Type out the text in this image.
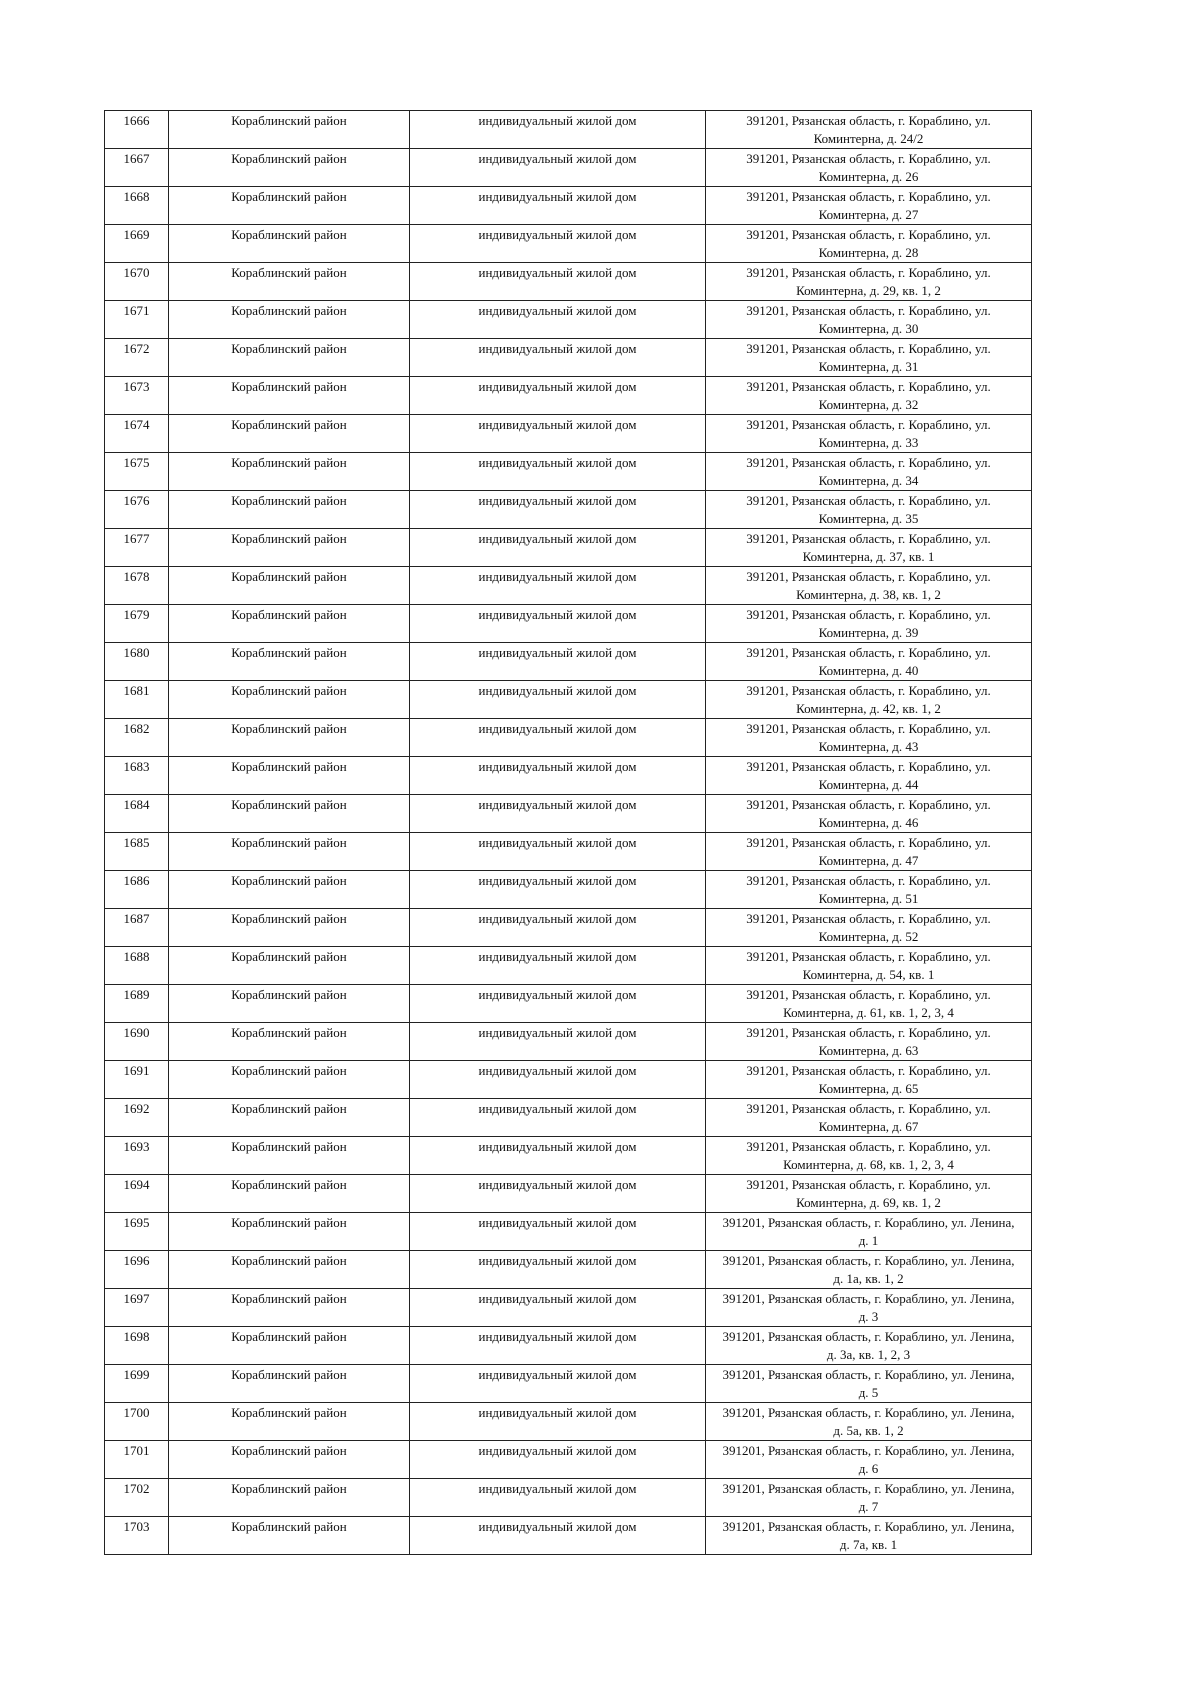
1666	Кораблинский район	индивидуальный жилой дом	391201, Рязанская область, г. Кораблино, ул. Коминтерна, д. 24/2
1667	Кораблинский район	индивидуальный жилой дом	391201, Рязанская область, г. Кораблино, ул. Коминтерна, д. 26
1668	Кораблинский район	индивидуальный жилой дом	391201, Рязанская область, г. Кораблино, ул. Коминтерна, д. 27
1669	Кораблинский район	индивидуальный жилой дом	391201, Рязанская область, г. Кораблино, ул. Коминтерна, д. 28
1670	Кораблинский район	индивидуальный жилой дом	391201, Рязанская область, г. Кораблино, ул. Коминтерна, д. 29, кв. 1, 2
1671	Кораблинский район	индивидуальный жилой дом	391201, Рязанская область, г. Кораблино, ул. Коминтерна, д. 30
1672	Кораблинский район	индивидуальный жилой дом	391201, Рязанская область, г. Кораблино, ул. Коминтерна, д. 31
1673	Кораблинский район	индивидуальный жилой дом	391201, Рязанская область, г. Кораблино, ул. Коминтерна, д. 32
1674	Кораблинский район	индивидуальный жилой дом	391201, Рязанская область, г. Кораблино, ул. Коминтерна, д. 33
1675	Кораблинский район	индивидуальный жилой дом	391201, Рязанская область, г. Кораблино, ул. Коминтерна, д. 34
1676	Кораблинский район	индивидуальный жилой дом	391201, Рязанская область, г. Кораблино, ул. Коминтерна, д. 35
1677	Кораблинский район	индивидуальный жилой дом	391201, Рязанская область, г. Кораблино, ул. Коминтерна, д. 37, кв. 1
1678	Кораблинский район	индивидуальный жилой дом	391201, Рязанская область, г. Кораблино, ул. Коминтерна, д. 38, кв. 1, 2
1679	Кораблинский район	индивидуальный жилой дом	391201, Рязанская область, г. Кораблино, ул. Коминтерна, д. 39
1680	Кораблинский район	индивидуальный жилой дом	391201, Рязанская область, г. Кораблино, ул. Коминтерна, д. 40
1681	Кораблинский район	индивидуальный жилой дом	391201, Рязанская область, г. Кораблино, ул. Коминтерна, д. 42, кв. 1, 2
1682	Кораблинский район	индивидуальный жилой дом	391201, Рязанская область, г. Кораблино, ул. Коминтерна, д. 43
1683	Кораблинский район	индивидуальный жилой дом	391201, Рязанская область, г. Кораблино, ул. Коминтерна, д. 44
1684	Кораблинский район	индивидуальный жилой дом	391201, Рязанская область, г. Кораблино, ул. Коминтерна, д. 46
1685	Кораблинский район	индивидуальный жилой дом	391201, Рязанская область, г. Кораблино, ул. Коминтерна, д. 47
1686	Кораблинский район	индивидуальный жилой дом	391201, Рязанская область, г. Кораблино, ул. Коминтерна, д. 51
1687	Кораблинский район	индивидуальный жилой дом	391201, Рязанская область, г. Кораблино, ул. Коминтерна, д. 52
1688	Кораблинский район	индивидуальный жилой дом	391201, Рязанская область, г. Кораблино, ул. Коминтерна, д. 54, кв. 1
1689	Кораблинский район	индивидуальный жилой дом	391201, Рязанская область, г. Кораблино, ул. Коминтерна, д. 61, кв. 1, 2, 3, 4
1690	Кораблинский район	индивидуальный жилой дом	391201, Рязанская область, г. Кораблино, ул. Коминтерна, д. 63
1691	Кораблинский район	индивидуальный жилой дом	391201, Рязанская область, г. Кораблино, ул. Коминтерна, д. 65
1692	Кораблинский район	индивидуальный жилой дом	391201, Рязанская область, г. Кораблино, ул. Коминтерна, д. 67
1693	Кораблинский район	индивидуальный жилой дом	391201, Рязанская область, г. Кораблино, ул. Коминтерна, д. 68, кв. 1, 2, 3, 4
1694	Кораблинский район	индивидуальный жилой дом	391201, Рязанская область, г. Кораблино, ул. Коминтерна, д. 69, кв. 1, 2
1695	Кораблинский район	индивидуальный жилой дом	391201, Рязанская область, г. Кораблино, ул. Ленина, д. 1
1696	Кораблинский район	индивидуальный жилой дом	391201, Рязанская область, г. Кораблино, ул. Ленина, д. 1а, кв. 1, 2
1697	Кораблинский район	индивидуальный жилой дом	391201, Рязанская область, г. Кораблино, ул. Ленина, д. 3
1698	Кораблинский район	индивидуальный жилой дом	391201, Рязанская область, г. Кораблино, ул. Ленина, д. 3а, кв. 1, 2, 3
1699	Кораблинский район	индивидуальный жилой дом	391201, Рязанская область, г. Кораблино, ул. Ленина, д. 5
1700	Кораблинский район	индивидуальный жилой дом	391201, Рязанская область, г. Кораблино, ул. Ленина, д. 5а, кв. 1, 2
1701	Кораблинский район	индивидуальный жилой дом	391201, Рязанская область, г. Кораблино, ул. Ленина, д. 6
1702	Кораблинский район	индивидуальный жилой дом	391201, Рязанская область, г. Кораблино, ул. Ленина, д. 7
1703	Кораблинский район	индивидуальный жилой дом	391201, Рязанская область, г. Кораблино, ул. Ленина, д. 7а, кв. 1
